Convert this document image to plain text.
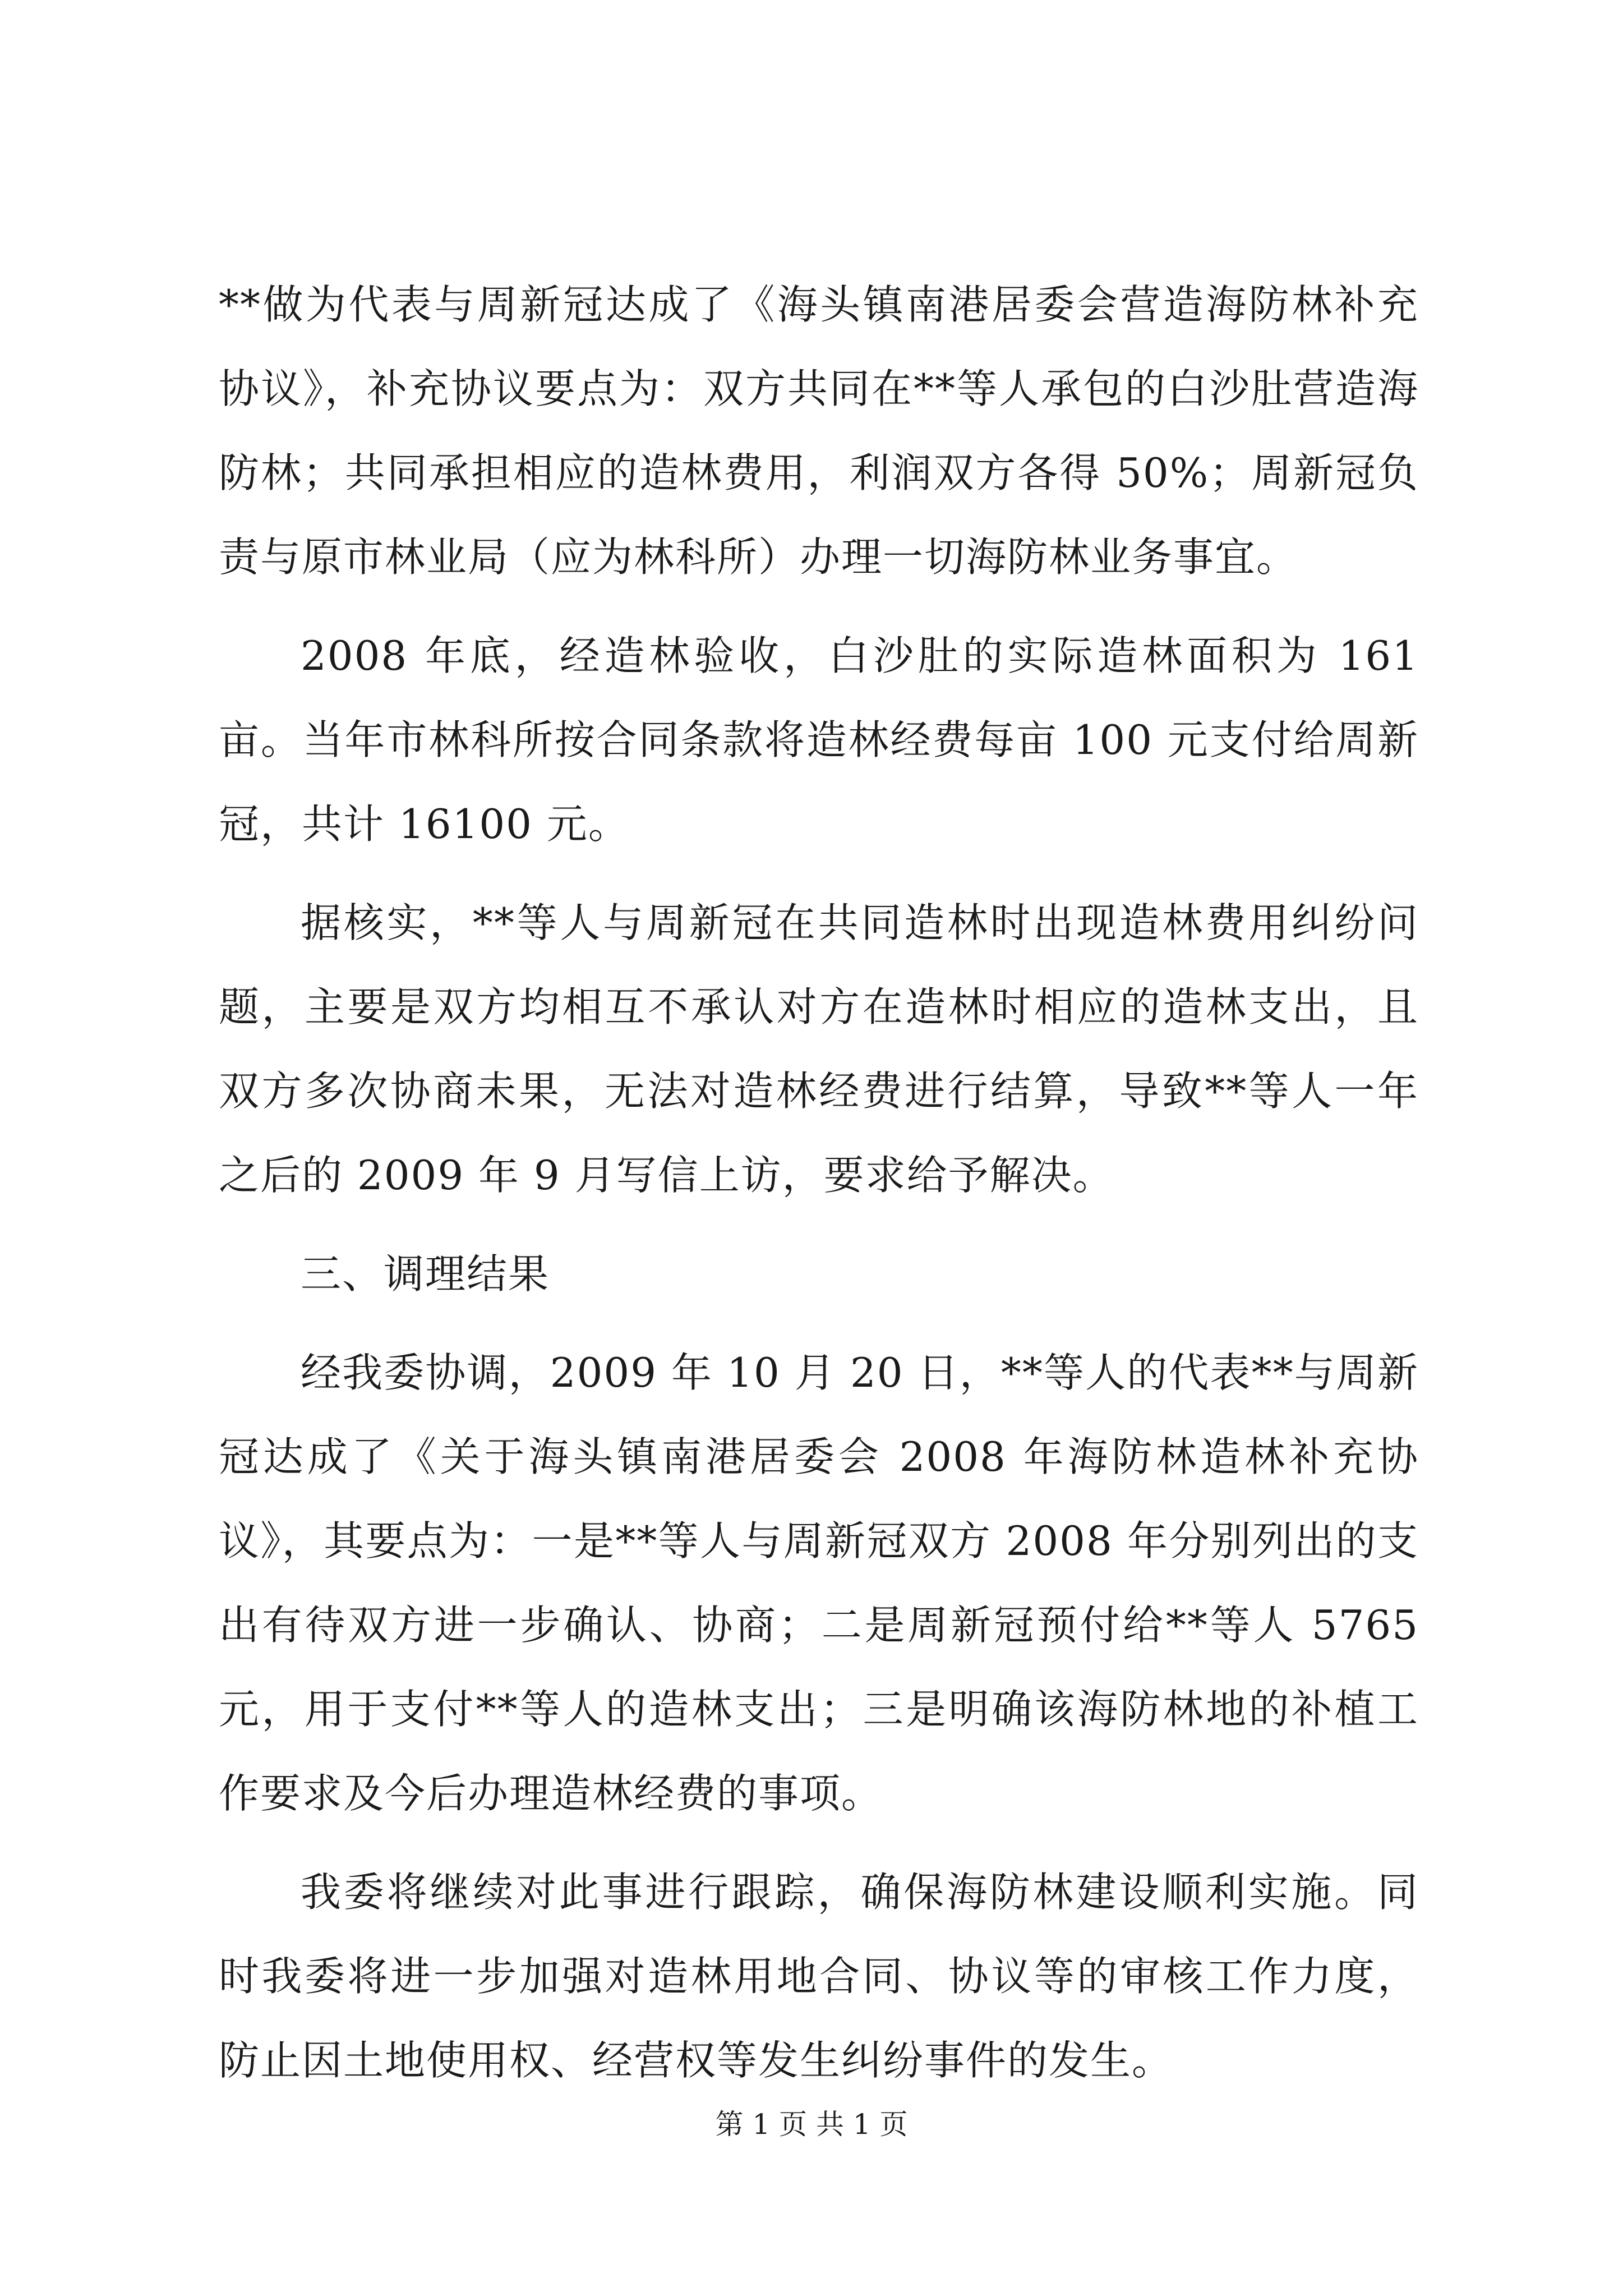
**做为代表与周新冠达成了《海头镇南港居委会营造海防林补充协议》，补充协议要点为：双方共同在**等人承包的白沙肚营造海防林；共同承担相应的造林费用，利润双方各得 50%；周新冠负责与原市林业局（应为林科所）办理一切海防林业务事宜。

2008 年底，经造林验收，白沙肚的实际造林面积为 161 亩。当年市林科所按合同条款将造林经费每亩 100 元支付给周新冠，共计 16100 元。

据核实，**等人与周新冠在共同造林时出现造林费用纠纷问题，主要是双方均相互不承认对方在造林时相应的造林支出，且双方多次协商未果，无法对造林经费进行结算，导致**等人一年之后的 2009 年 9 月写信上访，要求给予解决。

三、调理结果

经我委协调，2009 年 10 月 20 日，**等人的代表**与周新冠达成了《关于海头镇南港居委会 2008 年海防林造林补充协议》，其要点为：一是**等人与周新冠双方 2008 年分别列出的支出有待双方进一步确认、协商；二是周新冠预付给**等人 5765 元，用于支付**等人的造林支出；三是明确该海防林地的补植工作要求及今后办理造林经费的事项。

我委将继续对此事进行跟踪，确保海防林建设顺利实施。同时我委将进一步加强对造林用地合同、协议等的审核工作力度，防止因土地使用权、经营权等发生纠纷事件的发生。

第 1 页 共 1 页
